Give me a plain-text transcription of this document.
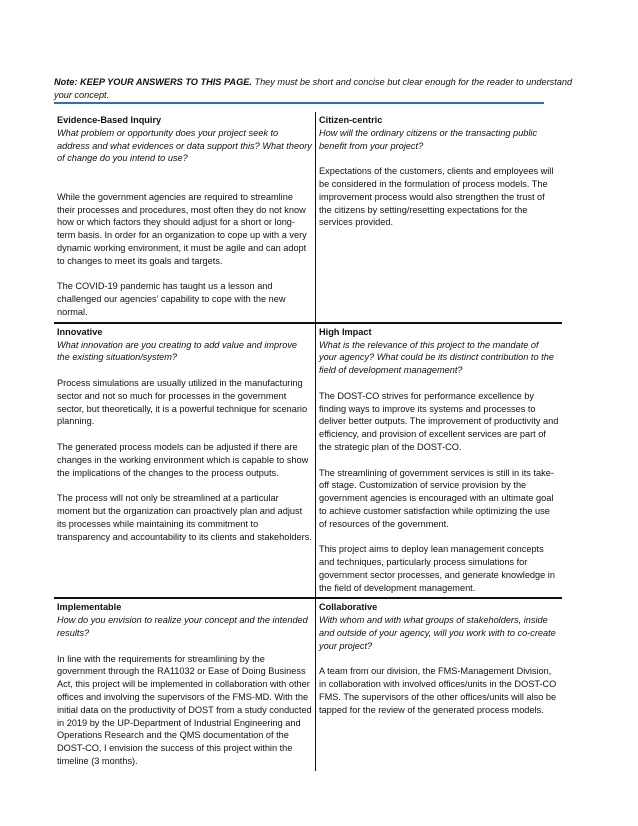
Note: KEEP YOUR ANSWERS TO THIS PAGE. They must be short and concise but clear enough for the reader to understand your concept.
Evidence-Based Inquiry
What problem or opportunity does your project seek to address and what evidences or data support this? What theory of change do you intend to use?
While the government agencies are required to streamline their processes and procedures, most often they do not know how or which factors they should adjust for a short or long-term basis. In order for an organization to cope up with a very dynamic working environment, it must be agile and can adopt to changes to meet its goals and targets.
The COVID-19 pandemic has taught us a lesson and challenged our agencies’ capability to cope with the new normal.
Citizen-centric
How will the ordinary citizens or the transacting public benefit from your project?
Expectations of the customers, clients and employees will be considered in the formulation of process models. The improvement process would also strengthen the trust of the citizens by setting/resetting expectations for the services provided.
Innovative
What innovation are you creating to add value and improve the existing situation/system?
Process simulations are usually utilized in the manufacturing sector and not so much for processes in the government sector, but theoretically, it is a powerful technique for scenario planning.
The generated process models can be adjusted if there are changes in the working environment which is capable to show the implications of the changes to the process outputs.
The process will not only be streamlined at a particular moment but the organization can proactively plan and adjust its processes while maintaining its commitment to transparency and accountability to its clients and stakeholders.
High Impact
What is the relevance of this project to the mandate of your agency? What could be its distinct contribution to the field of development management?
The DOST-CO strives for performance excellence by finding ways to improve its systems and processes to deliver better outputs. The improvement of productivity and efficiency, and provision of excellent services are part of the strategic plan of the DOST-CO.
The streamlining of government services is still in its take-off stage. Customization of service provision by the government agencies is encouraged with an ultimate goal to achieve customer satisfaction while optimizing the use of resources of the government.
This project aims to deploy lean management concepts and techniques, particularly process simulations for government sector processes, and generate knowledge in the field of development management.
Implementable
How do you envision to realize your concept and the intended results?
In line with the requirements for streamlining by the government through the RA11032 or Ease of Doing Business Act, this project will be implemented in collaboration with other offices and involving the supervisors of the FMS-MD. With the initial data on the productivity of DOST from a study conducted in 2019 by the UP-Department of Industrial Engineering and Operations Research and the QMS documentation of the DOST-CO, I envision the success of this project within the timeline (3 months).
Collaborative
With whom and with what groups of stakeholders, inside and outside of your agency, will you work with to co-create your project?
A team from our division, the FMS-Management Division, in collaboration with involved offices/units in the DOST-CO FMS. The supervisors of the other offices/units will also be tapped for the review of the generated process models.
